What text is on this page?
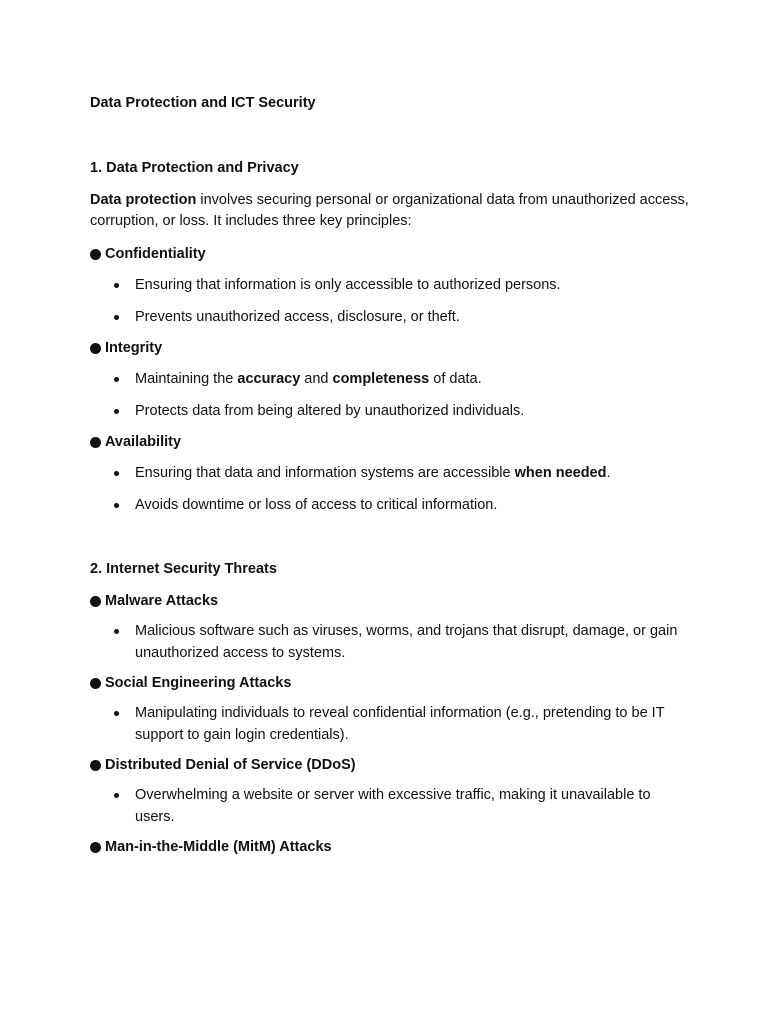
Data Protection and ICT Security

1. Data Protection and Privacy

Data protection involves securing personal or organizational data from unauthorized access, corruption, or loss. It includes three key principles:

Confidentiality

Ensuring that information is only accessible to authorized persons.
Prevents unauthorized access, disclosure, or theft.

Integrity

Maintaining the accuracy and completeness of data.
Protects data from being altered by unauthorized individuals.

Availability

Ensuring that data and information systems are accessible when needed.
Avoids downtime or loss of access to critical information.

2. Internet Security Threats

Malware Attacks

Malicious software such as viruses, worms, and trojans that disrupt, damage, or gain unauthorized access to systems.

Social Engineering Attacks

Manipulating individuals to reveal confidential information (e.g., pretending to be IT support to gain login credentials).

Distributed Denial of Service (DDoS)

Overwhelming a website or server with excessive traffic, making it unavailable to users.

Man-in-the-Middle (MitM) Attacks
